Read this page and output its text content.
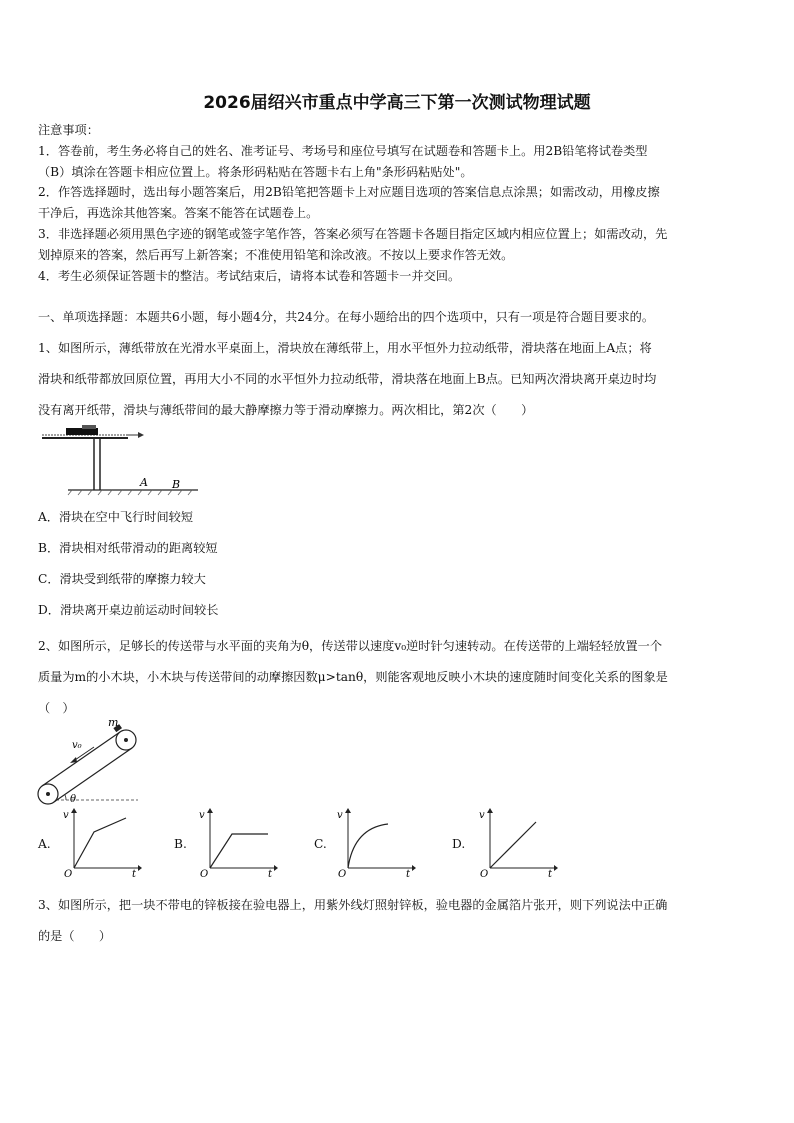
2026届绍兴市重点中学高三下第一次测试物理试题

注意事项：

1．答卷前，考生务必将自己的姓名、准考证号、考场号和座位号填写在试题卷和答题卡上。用2B铅笔将试卷类型

（B）填涂在答题卡相应位置上。将条形码粘贴在答题卡右上角"条形码粘贴处"。

2．作答选择题时，选出每小题答案后，用2B铅笔把答题卡上对应题目选项的答案信息点涂黑；如需改动，用橡皮擦

干净后，再选涂其他答案。答案不能答在试题卷上。

3．非选择题必须用黑色字迹的钢笔或签字笔作答，答案必须写在答题卡各题目指定区域内相应位置上；如需改动，先

划掉原来的答案，然后再写上新答案；不准使用铅笔和涂改液。不按以上要求作答无效。

4．考生必须保证答题卡的整洁。考试结束后，请将本试卷和答题卡一并交回。

一、单项选择题：本题共6小题，每小题4分，共24分。在每小题给出的四个选项中，只有一项是符合题目要求的。

1、如图所示，薄纸带放在光滑水平桌面上，滑块放在薄纸带上，用水平恒外力拉动纸带，滑块落在地面上A点；将

滑块和纸带都放回原位置，再用大小不同的水平恒外力拉动纸带，滑块落在地面上B点。已知两次滑块离开桌边时均

没有离开纸带，滑块与薄纸带间的最大静摩擦力等于滑动摩擦力。两次相比，第2次（　　）

A B
A．滑块在空中飞行时间较短
B．滑块相对纸带滑动的距离较短
C．滑块受到纸带的摩擦力较大
D．滑块离开桌边前运动时间较长

2、如图所示，足够长的传送带与水平面的夹角为θ，传送带以速度v₀逆时针匀速转动。在传送带的上端轻轻放置一个

质量为m的小木块，小木块与传送带间的动摩擦因数μ>tanθ，则能客观地反映小木块的速度随时间变化关系的图象是

（　）

m
v₀
θ
A.
v
t
O
B.
v
t
O
C.
v
t
O
D.
v
t
O

3、如图所示，把一块不带电的锌板接在验电器上，用紫外线灯照射锌板，验电器的金属箔片张开，则下列说法中正确

的是（　　）
